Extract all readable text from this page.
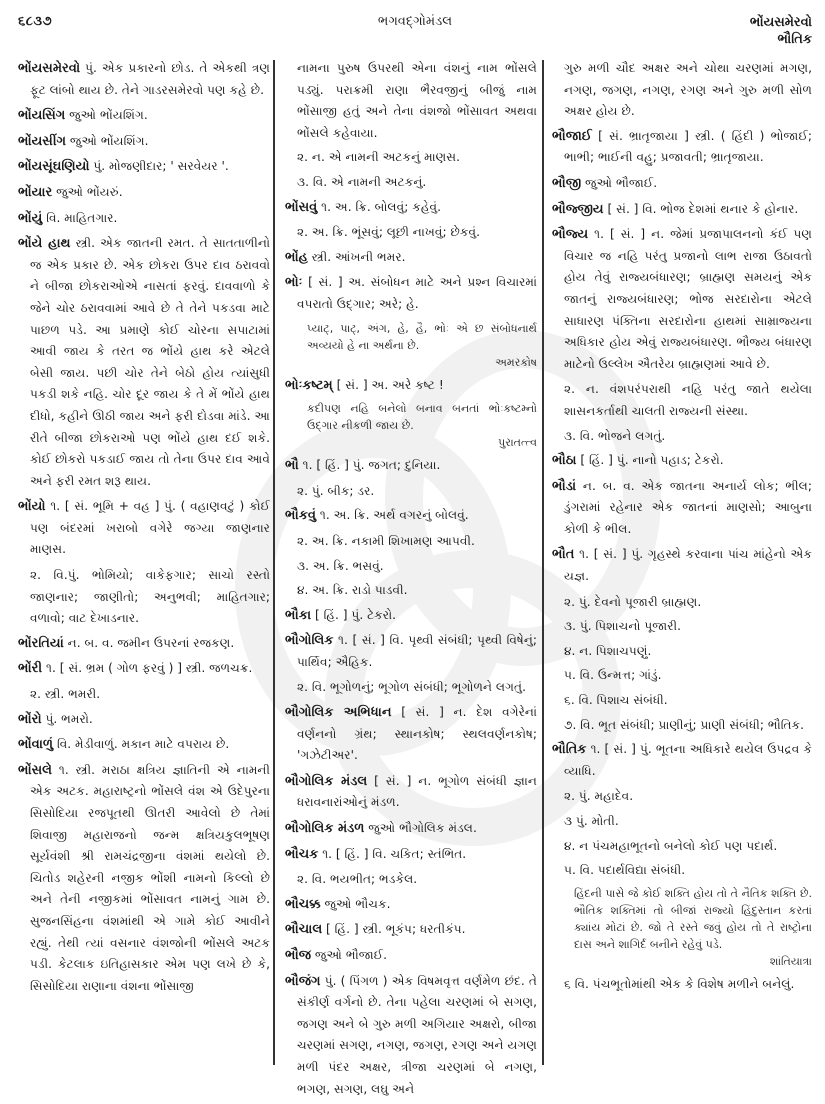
૬૮૩૭	ભગવદ્ગોમંડલ	ભોંયસમેરવો
ભૌતિક
ભોંયસમેરવો પું. એક પ્રકારનો છોડ. તે એકથી ત્રણ ફૂટ લાંબો થાય છે. તેને ગાડરસમેરવો પણ કહે છે.
ભોંયસિંગ જુઓ ભોંયશિંગ.
ભોંયસીંગ જુઓ ભોંયશિંગ.
ભોંયસૂંઘણિયો પું. મોજણીદાર; ' સરવેયર '.
ભોંયાર જુઓ ભોંયરું.
ભોંયું વિ. માહિતગાર.
ભોંયે હાથ સ્ત્રી. એક જાતની રમત. તે સાતતાળીનો જ એક પ્રકાર છે. એક છોકરા ઉપર દાવ ઠરાવવો ને બીજા છોકરાઓએ નાસતાં ફરવું. દાવવાળો કે જેને ચોર ઠરાવવામાં આવે છે તે તેને પકડવા માટે પાછળ પડે. આ પ્રમાણે કોઈ ચોરના સપાટામાં આવી જાય કે તરત જ ભોંયે હાથ કરે એટલે બેસી જાય. પછી ચોર તેને બેઠો હોય ત્યાંસુધી પકડી શકે નહિ. ચોર દૂર જાય કે તે મેં ભોંયે હાથ દીધો, કહીને ઊઠી જાય અને ફરી દોડવા માંડે. આ રીતે બીજા છોકરાઓ પણ ભોંયે હાથ દઈ શકે. કોઈ છોકરો પકડાઈ જાય તો તેના ઉપર દાવ આવે અને ફરી રમત શરૂ થાય.
ભોંયો ૧. [ સં. ભૂમિ + વહ ] પું. ( વહાણવટું ) કોઈ પણ બંદરમાં ખરાબો વગેરે જગ્યા જાણનાર માણસ.
૨. વિ.પું. ભોમિયો; વાકેફગાર; સાચો રસ્તો જાણનાર; જાણીતો; અનુભવી; માહિતગાર; વળાવો; વાટ દેખાડનાર.
ભોંરતિયાં ન. બ. વ. જમીન ઉપરનાં રજકણ.
ભોંરી ૧. [ સં. ભ્રમ ( ગોળ ફરવું ) ] સ્ત્રી. જળચક્ર.
૨. સ્ત્રી. ભમરી.
ભોંરો પું. ભમરો.
ભોંવાળું વિ. મેડીવાળું. મકાન માટે વપરાય છે.
ભોંસલે ૧. સ્ત્રી. મરાઠા ક્ષત્રિય જ્ઞાતિની એ નામની એક અટક. મહારાષ્ટ્રનો ભોંસલે વંશ એ ઉદેપુરના સિસોદિયા રજપૂતથી ઊતરી આવેલો છે તેમાં શિવાજી મહારાજનો જન્મ ક્ષત્રિયકુલભૂષણ સૂર્યવંશી શ્રી રામચંદ્રજીના વંશમાં થયેલો છે. ચિતોડ શહેરની નજીક ભોંશી નામનો કિલ્લો છે અને તેની નજીકમાં ભોંસાવત નામનું ગામ છે. સુજનસિંહના વંશમાંથી એ ગામે કોઈ આવીને રહ્યું. તેથી ત્યાં વસનાર વંશજોની ભોંસલે અટક પડી. કેટલાક ઇતિહાસકાર એમ પણ લખે છે કે, સિસોદિયા રાણાના વંશના ભોંસાજી
નામના પુરુષ ઉપરથી એના વંશનું નામ ભોંસલે પડ્યું. પરાક્રમી રાણા ભૈરવજીનું બીજું નામ ભોંસાજી હતું અને તેના વંશજો ભોંસાવત અથવા ભોંસલે કહેવાયા.
૨. ન. એ નામની અટકનું માણસ.
૩. વિ. એ નામની અટકનું.
ભોંસવું ૧. અ. ક્રિ. બોલવું; કહેવું.
૨. અ. ક્રિ. ભૂંસવું; લૂછી નાખવું; છેકવું.
ભોંહ સ્ત્રી. આંખની ભમર.
ભોઃ [ સં. ] અ. સંબોધન માટે અને પ્રશ્ન વિચારમાં વપરાતો ઉદ્ગાર; અરે; હે.
પ્યાટ્, પાટ્, અંગ, હે, હૈ, ભોઃ એ છ સંબોધનાર્થ અવ્યયો હે ના અર્થના છે.
અમરકોષ
ભોઃકષ્ટમ્ [ સં. ] અ. અરે કષ્ટ !
કદીપણ નહિ બનેલો બનાવ બનતાં ભોઃકષ્ટમ્નો ઉદ્ગાર નીકળી જાય છે.
પુરાતત્ત્વ
ભૌ ૧. [ હિં. ] પું. જગત; દુનિયા.
૨. પું. બીક; ડર.
ભૌકવું ૧. અ. ક્રિ. અર્થ વગરનું બોલવું.
૨. અ. ક્રિ. નકામી શિખામણ આપવી.
૩. અ. ક્રિ. ભસવું.
૪. અ. ક્રિ. રાડો પાડવી.
ભૌકા [ હિં. ] પું. ટેકરો.
ભૌગોલિક ૧. [ સં. ] વિ. પૃથ્વી સંબંધી; પૃથ્વી વિષેનું; પાર્થિવ; ઐહિક.
૨. વિ. ભૂગોળનું; ભૂગોળ સંબંધી; ભૂગોળને લગતું.
ભૌગોલિક અભિધાન [ સં. ] ન. દેશ વગેરેનાં વર્ણનનો ગ્રંથ; સ્થાનકોષ; સ્થલવર્ણનકોષ; 'ગઝેટીઅર'.
ભૌગોલિક મંડલ [ સં. ] ન. ભૂગોળ સંબંધી જ્ઞાન ધરાવનારાંઓનું મંડળ.
ભૌગોલિક મંડળ જુઓ ભૌગોલિક મંડલ.
ભૌચક ૧. [ હિં. ] વિ. ચકિત; સ્તંભિત.
૨. વિ. ભયભીત; ભડકેલ.
ભૌચક્ક જુઓ ભૌચક.
ભૌચાલ [ હિં. ] સ્ત્રી. ભૂકંપ; ધરતીકંપ.
ભૌજ જુઓ ભૌજાઈ.
ભૌજંગ પું. ( પિંગળ ) એક વિષમવૃત્ત વર્ણમેળ છંદ. તે સંકીર્ણ વર્ગનો છે. તેના પહેલા ચરણમાં બે સગણ, જગણ અને બે ગુરુ મળી અગિયાર અક્ષરો, બીજા ચરણમાં સગણ, નગણ, જગણ, રગણ અને યગણ મળી પંદર અક્ષર, ત્રીજા ચરણમાં બે નગણ, ભગણ, સગણ, લઘુ અને
ગુરુ મળી ચૌદ અક્ષર અને ચોથા ચરણમાં મગણ, નગણ, જગણ, નગણ, રગણ અને ગુરુ મળી સોળ અક્ષર હોય છે.
ભૌજાઈ [ સં. ભ્રાતૃજાયા ] સ્ત્રી. ( હિંદી ) ભોજાઈ; ભાભી; ભાઈની વહુ; પ્રજાવતી; ભ્રાતૃજાયા.
ભૌજી જુઓ ભૌજાઈ.
ભૌજ્જીય [ સં. ] વિ. ભોજ દેશમાં થનાર કે હોનાર.
ભૌજ્ય ૧. [ સં. ] ન. જેમાં પ્રજાપાલનનો કંઈ પણ વિચાર જ નહિ પરંતુ પ્રજાનો લાભ રાજા ઉઠાવતો હોય તેવું રાજ્યબંધારણ; બ્રાહ્મણ સમયનું એક જાતનું રાજ્યબંધારણ; ભોજ સરદારોના એટલે સાધારણ પંક્તિના સરદારોના હાથમાં સામ્રાજ્યના અધિકાર હોય એવું રાજ્યબંધારણ. ભૌજ્ય બંધારણ માટેનો ઉલ્લેખ ઐતરેય બ્રાહ્મણમાં આવે છે.
૨. ન. વંશપરંપરાથી નહિ પરંતુ જાતે થયેલા શાસનકર્તાથી ચાલતી રાજ્યની સંસ્થા.
૩. વિ. ભોજને લગતું.
ભૌઠા [ હિં. ] પું. નાનો પહાડ; ટેકરો.
ભૌડાં ન. બ. વ. એક જાતના અનાર્ય લોક; ભીલ; ડુંગરામાં રહેનાર એક જાતનાં માણસો; આબુના કોળી કે ભીલ.
ભૌત ૧. [ સં. ] પું. ગૃહસ્થે કરવાના પાંચ માંહેનો એક યજ્ઞ.
૨. પું. દેવનો પૂજારી બ્રાહ્મણ.
૩. પું. પિશાચનો પૂજારી.
૪. ન. પિશાચપણું.
૫. વિ. ઉન્મત્ત; ગાંડું.
૬. વિ. પિશાચ સંબંધી.
૭. વિ. ભૂત સંબંધી; પ્રાણીનું; પ્રાણી સંબંધી; ભૌતિક.
ભૌતિક ૧. [ સં. ] પું. ભૂતના અધિકારે થયેલ ઉપદ્રવ કે વ્યાધિ.
૨. પું. મહાદેવ.
૩ પું. મોતી.
૪. ન પંચમહાભૂતનો બનેલો કોઈ પણ પદાર્થ.
૫. વિ. પદાર્થવિદ્યા સંબંધી.
હિંદની પાસે જે કોઈ શક્તિ હોય તો તે નૈતિક શક્તિ છે. ભૌતિક શક્તિમાં તો બીજાં રાજ્યો હિંદુસ્તાન કરતાં ક્યાંય મોટાં છે. જો તે રસ્તે જવું હોય તો તે રાષ્ટ્રોના દાસ અને શાગિર્દ બનીને રહેવું પડે.
શાંતિયાત્રા
૬ વિ. પંચભૂતોમાંથી એક કે વિશેષ મળીને બનેલું.
